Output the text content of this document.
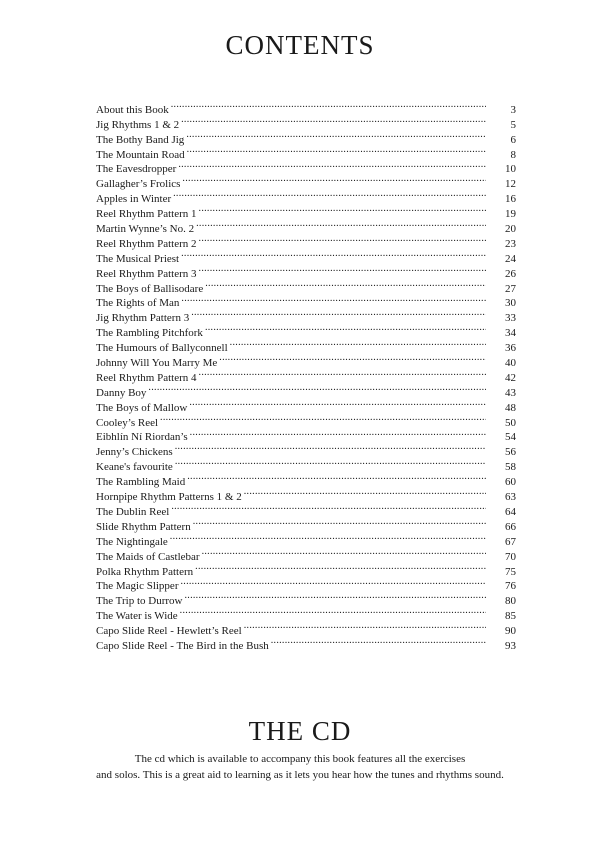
CONTENTS
About this Book .....	3
Jig Rhythms 1 & 2 .....	5
The Bothy Band Jig .....	6
The Mountain Road .....	8
The Eavesdropper .....	10
Gallagher’s Frolics .....	12
Apples in Winter .....	16
Reel Rhythm Pattern 1 .....	19
Martin Wynne’s No. 2 .....	20
Reel Rhythm Pattern 2 .....	23
The Musical Priest .....	24
Reel Rhythm Pattern 3 .....	26
The Boys of Ballisodare .....	27
The Rights of Man .....	30
Jig Rhythm Pattern 3 .....	33
The Rambling Pitchfork .....	34
The Humours of Ballyconnell .....	36
Johnny Will You Marry Me .....	40
Reel Rhythm Pattern 4 .....	42
Danny Boy .....	43
The Boys of Mallow .....	48
Cooley’s Reel .....	50
Eibhlín Ní Riordan’s .....	54
Jenny’s Chickens .....	56
Keane's favourite .....	58
The Rambling Maid .....	60
Hornpipe Rhythm Patterns 1 & 2 .....	63
The Dublin Reel .....	64
Slide Rhythm Pattern .....	66
The Nightingale .....	67
The Maids of Castlebar .....	70
Polka Rhythm Pattern .....	75
The Magic Slipper .....	76
The Trip to Durrow .....	80
The Water is Wide .....	85
Capo Slide Reel - Hewlett’s Reel .....	90
Capo Slide Reel - The Bird in the Bush .....	93
THE CD

The cd which is available to accompany this book features all the exercises

and solos. This is a great aid to learning as it lets you hear how the tunes and rhythms sound.
